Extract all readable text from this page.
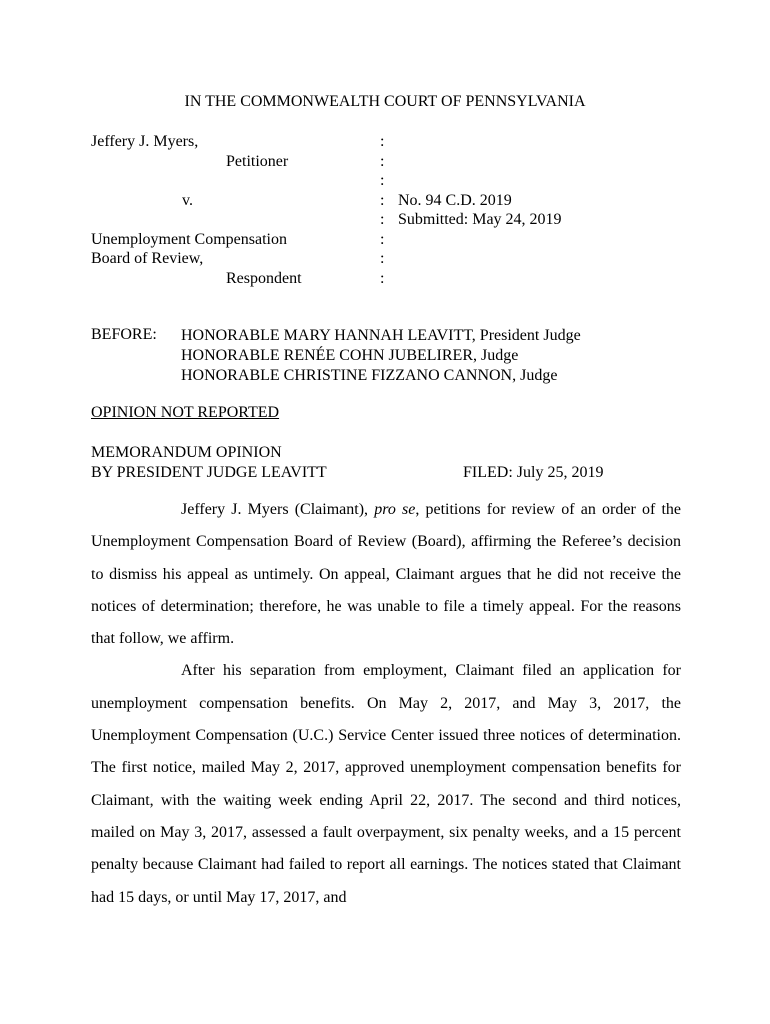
IN THE COMMONWEALTH COURT OF PENNSYLVANIA
Jeffery J. Myers,	:
Petitioner	:
:
v.	: No. 94 C.D. 2019
: Submitted: May 24, 2019
Unemployment Compensation	:
Board of Review,	:
Respondent	:
BEFORE: HONORABLE MARY HANNAH LEAVITT, President Judge
HONORABLE RENÉE COHN JUBELIRER, Judge
HONORABLE CHRISTINE FIZZANO CANNON, Judge
OPINION NOT REPORTED
MEMORANDUM OPINION
BY PRESIDENT JUDGE LEAVITT	FILED: July 25, 2019

Jeffery J. Myers (Claimant), pro se, petitions for review of an order of the Unemployment Compensation Board of Review (Board), affirming the Referee’s decision to dismiss his appeal as untimely. On appeal, Claimant argues that he did not receive the notices of determination; therefore, he was unable to file a timely appeal. For the reasons that follow, we affirm.

After his separation from employment, Claimant filed an application for unemployment compensation benefits. On May 2, 2017, and May 3, 2017, the Unemployment Compensation (U.C.) Service Center issued three notices of determination. The first notice, mailed May 2, 2017, approved unemployment compensation benefits for Claimant, with the waiting week ending April 22, 2017. The second and third notices, mailed on May 3, 2017, assessed a fault overpayment, six penalty weeks, and a 15 percent penalty because Claimant had failed to report all earnings. The notices stated that Claimant had 15 days, or until May 17, 2017, and
